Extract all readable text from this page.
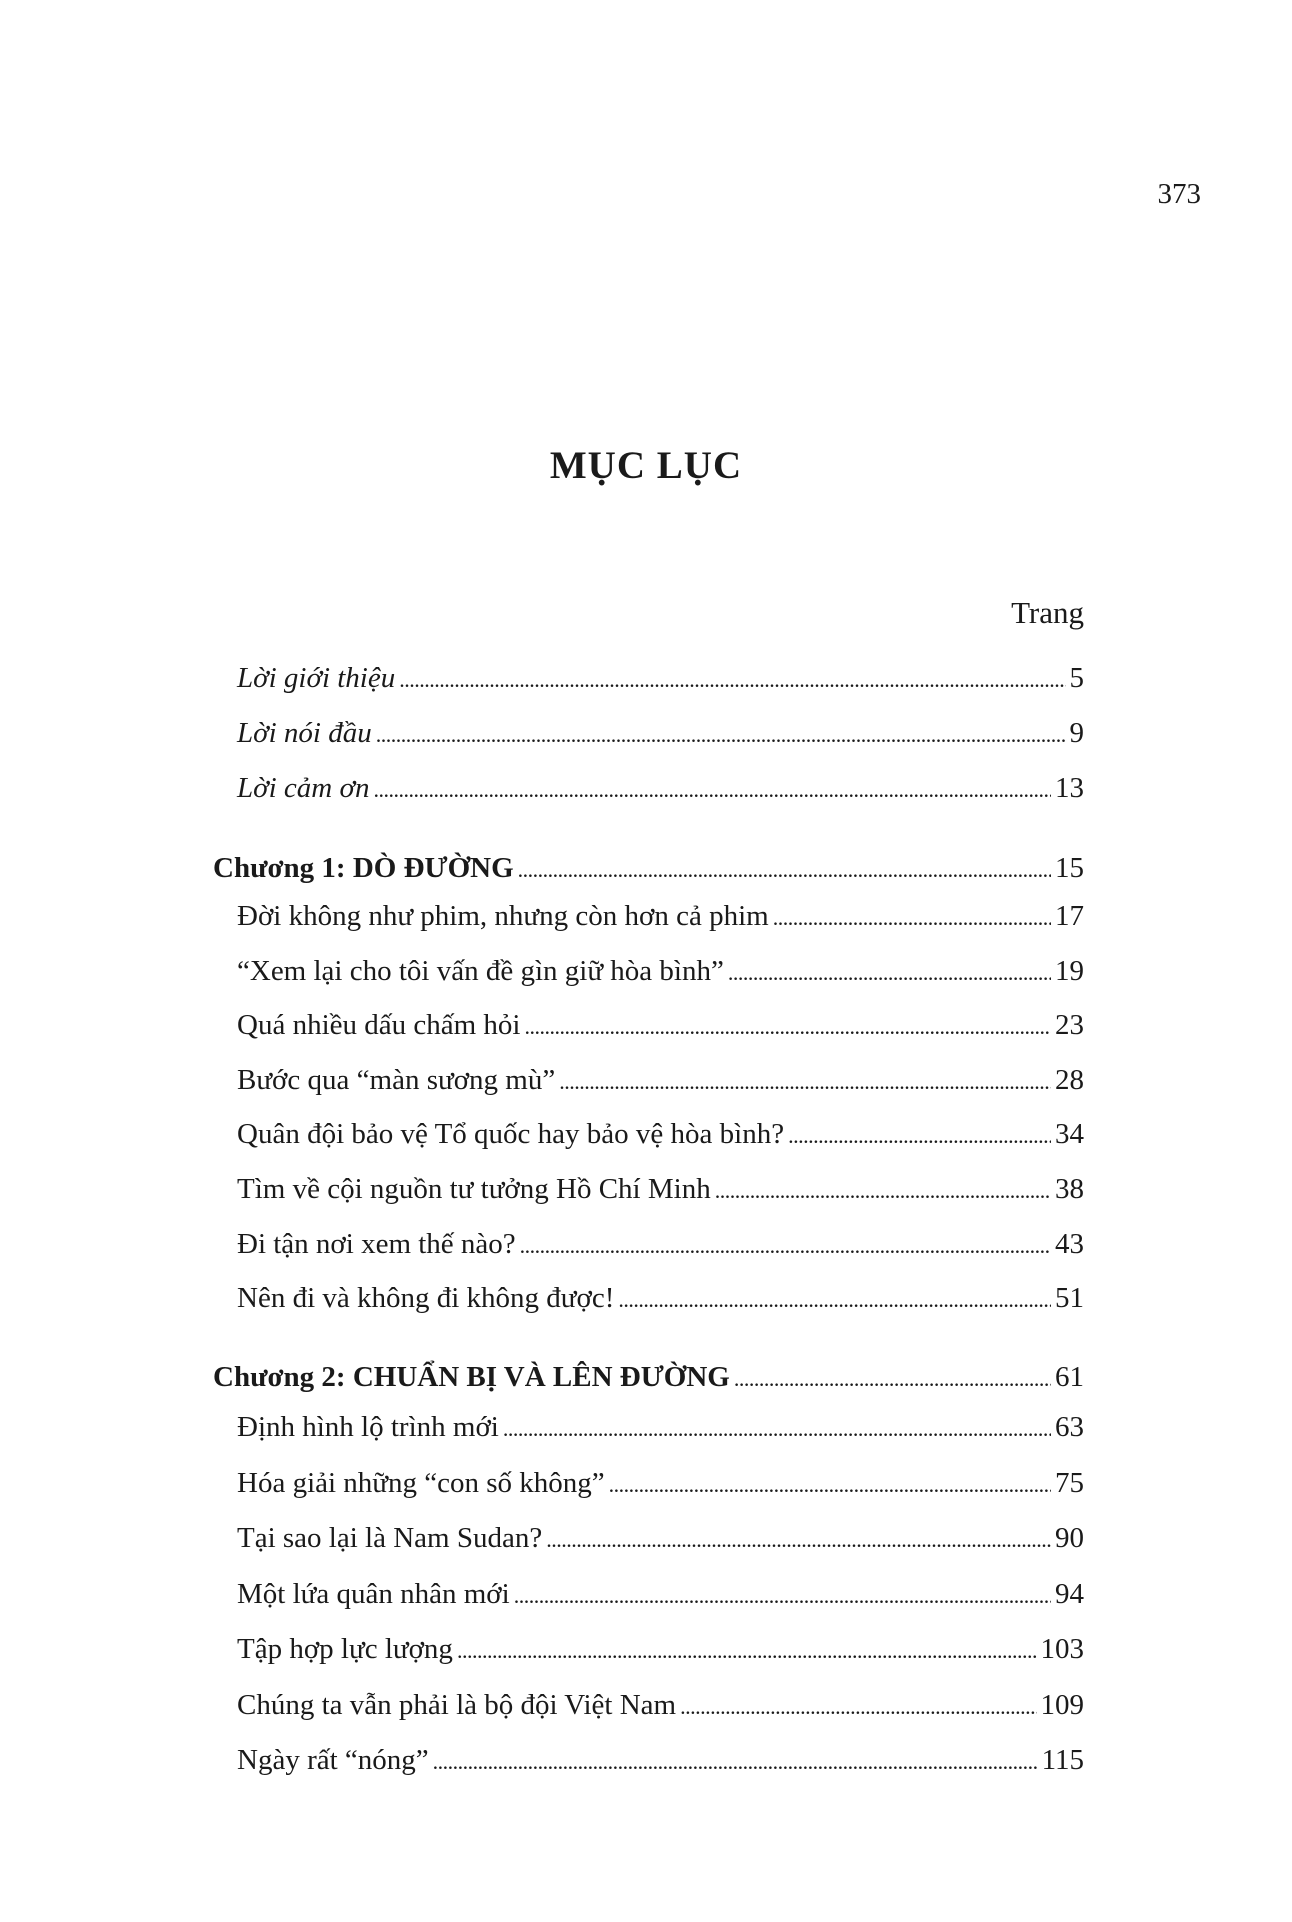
373
MỤC LỤC
Trang
Lời giới thiệu . . .	5
Lời nói đầu . . .	9
Lời cảm ơn . . .	13
Chương 1: DÒ ĐƯỜNG . . .	15
Đời không như phim, nhưng còn hơn cả phim . . .	17
“Xem lại cho tôi vấn đề gìn giữ hòa bình” . . .	19
Quá nhiều dấu chấm hỏi . . .	23
Bước qua “màn sương mù” . . .	28
Quân đội bảo vệ Tổ quốc hay bảo vệ hòa bình? . . .	34
Tìm về cội nguồn tư tưởng Hồ Chí Minh . . .	38
Đi tận nơi xem thế nào? . . .	43
Nên đi và không đi không được! . . .	51
Chương 2: CHUẨN BỊ VÀ LÊN ĐƯỜNG . . .	61
Định hình lộ trình mới . . .	63
Hóa giải những “con số không” . . .	75
Tại sao lại là Nam Sudan? . . .	90
Một lứa quân nhân mới . . .	94
Tập hợp lực lượng . . .	103
Chúng ta vẫn phải là bộ đội Việt Nam . . .	109
Ngày rất “nóng” . . .	115
